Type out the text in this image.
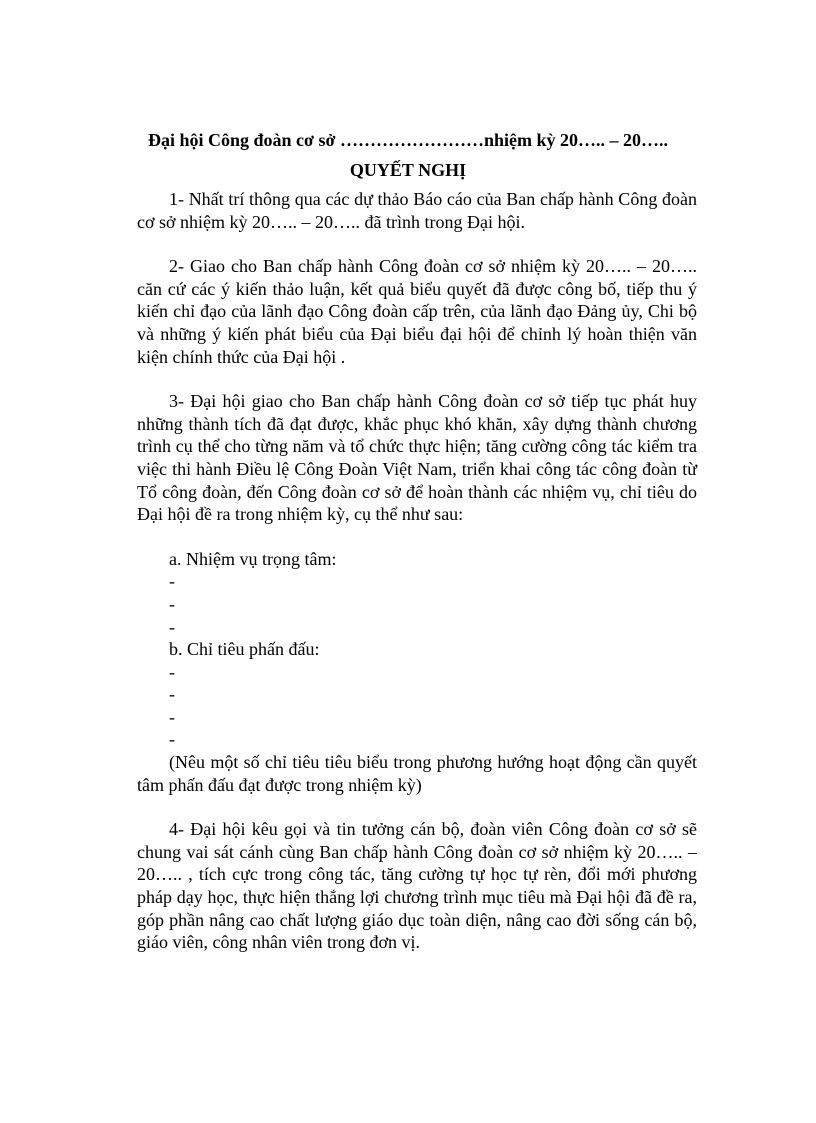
Đại hội Công đoàn cơ sở ……………………nhiệm kỳ 20….. – 20…..
QUYẾT NGHỊ

1- Nhất trí thông qua các dự thảo Báo cáo của Ban chấp hành Công đoàn cơ sở nhiệm kỳ 20….. – 20….. đã trình trong Đại hội.

2- Giao cho Ban chấp hành Công đoàn cơ sở nhiệm kỳ 20….. – 20….. căn cứ các ý kiến thảo luận, kết quả biểu quyết đã được công bố, tiếp thu ý kiến chỉ đạo của lãnh đạo Công đoàn cấp trên, của lãnh đạo Đảng ủy, Chi bộ và những ý kiến phát biểu của Đại biểu đại hội để chỉnh lý hoàn thiện văn kiện chính thức của Đại hội .

3- Đại hội giao cho Ban chấp hành Công đoàn cơ sở tiếp tục phát huy những thành tích đã đạt được, khắc phục khó khăn, xây dựng thành chương trình cụ thể cho từng năm và tổ chức thực hiện; tăng cường công tác kiểm tra việc thi hành Điều lệ Công Đoàn Việt Nam, triển khai công tác công đoàn từ Tổ công đoàn, đến Công đoàn cơ sở để hoàn thành các nhiệm vụ, chỉ tiêu do Đại hội đề ra trong nhiệm kỳ, cụ thể như sau:

a. Nhiệm vụ trọng tâm:

-

-

-

b. Chỉ tiêu phấn đấu:

-

-

-

-

(Nêu một số chỉ tiêu tiêu biểu trong phương hướng hoạt động cần quyết tâm phấn đấu đạt được trong nhiệm kỳ)

4- Đại hội kêu gọi và tin tưởng cán bộ, đoàn viên Công đoàn cơ sở sẽ chung vai sát cánh cùng Ban chấp hành Công đoàn cơ sở nhiệm kỳ 20….. – 20….. , tích cực trong công tác, tăng cường tự học tự rèn, đổi mới phương pháp dạy học, thực hiện thắng lợi chương trình mục tiêu mà Đại hội đã đề ra, góp phần nâng cao chất lượng giáo dục toàn diện, nâng cao đời sống cán bộ, giáo viên, công nhân viên trong đơn vị.
